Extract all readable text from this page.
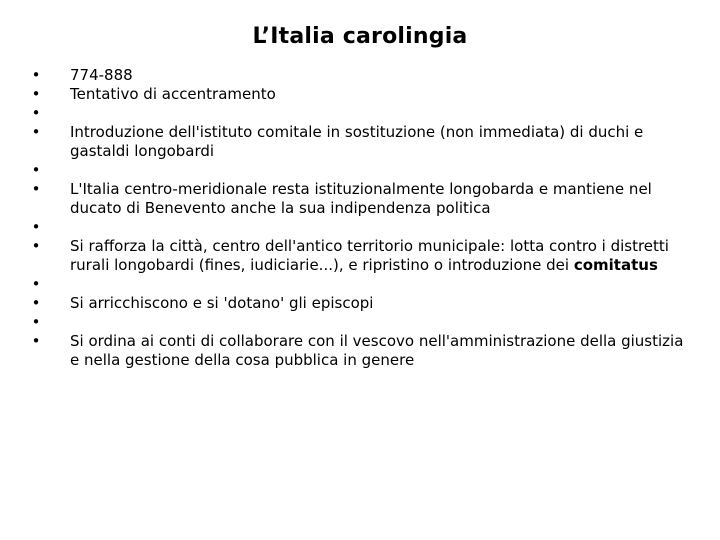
L’Italia carolingia
• 774-888
• Tentativo di accentramento
•
• Introduzione dell'istituto comitale in sostituzione (non immediata) di duchi e gastaldi longobardi
•
• L'Italia centro-meridionale resta istituzionalmente longobarda e mantiene nel ducato di Benevento anche la sua indipendenza politica
•
• Si rafforza la città, centro dell'antico territorio municipale: lotta contro i distretti rurali longobardi (fines, iudiciarie...), e ripristino o introduzione dei comitatus
•
• Si arricchiscono e si 'dotano' gli episcopi
•
• Si ordina ai conti di collaborare con il vescovo nell'amministrazione della giustizia e nella gestione della cosa pubblica in genere
